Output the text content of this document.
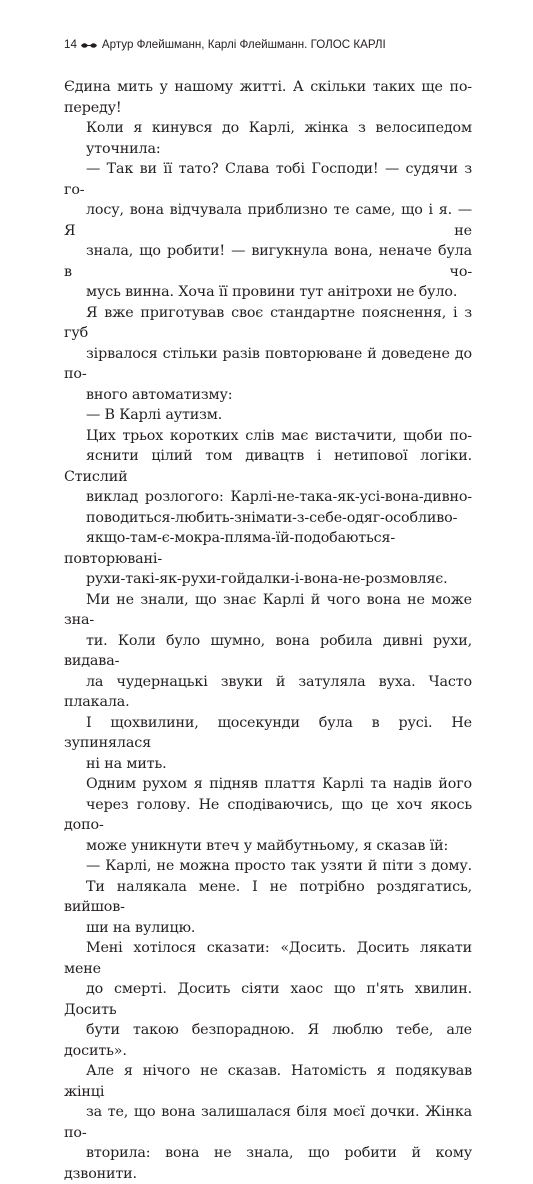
14 Артур Флейшманн, Карлі Флейшманн. ГОЛОС КАРЛІ

Єдина мить у нашому житті. А скільки таких ще по-
переду!

Коли я кинувся до Карлі, жінка з велосипедом
уточнила:

— Так ви її тато? Слава тобі Господи! — судячи з го-
лосу, вона відчувала приблизно те саме, що і я. — Я не
знала, що робити! — вигукнула вона, неначе була в чо-
мусь винна. Хоча її провини тут анітрохи не було.

Я вже приготував своє стандартне пояснення, і з губ
зірвалося стільки разів повторюване й доведене до по-
вного автоматизму:

— В Карлі аутизм.

Цих трьох коротких слів має вистачити, щоби по-
яснити цілий том дивацтв і нетипової логіки. Стислий
виклад розлогого: Карлі-не-така-як-усі-вона-дивно-
поводиться-любить-знімати-з-себе-одяг-особливо-
якщо-там-є-мокра-пляма-їй-подобаються-повторювані-
рухи-такі-як-рухи-гойдалки-і-вона-не-розмовляє.
Ми не знали, що знає Карлі й чого вона не може зна-
ти. Коли було шумно, вона робила дивні рухи, видава-
ла чудернацькі звуки й затуляла вуха. Часто плакала.
І щохвилини, щосекунди була в русі. Не зупинялася
ні на мить.

Одним рухом я підняв плаття Карлі та надів його
через голову. Не сподіваючись, що це хоч якось допо-
може уникнути втеч у майбутньому, я сказав їй:

— Карлі, не можна просто так узяти й піти з дому.
Ти налякала мене. І не потрібно роздягатись, вийшов-
ши на вулицю.

Мені хотілося сказати: «Досить. Досить лякати мене
до смерті. Досить сіяти хаос що п'ять хвилин. Досить
бути такою безпорадною. Я люблю тебе, але досить».

Але я нічого не сказав. Натомість я подякував жінці
за те, що вона залишалася біля моєї дочки. Жінка по-
вторила: вона не знала, що робити й кому дзвонити.
